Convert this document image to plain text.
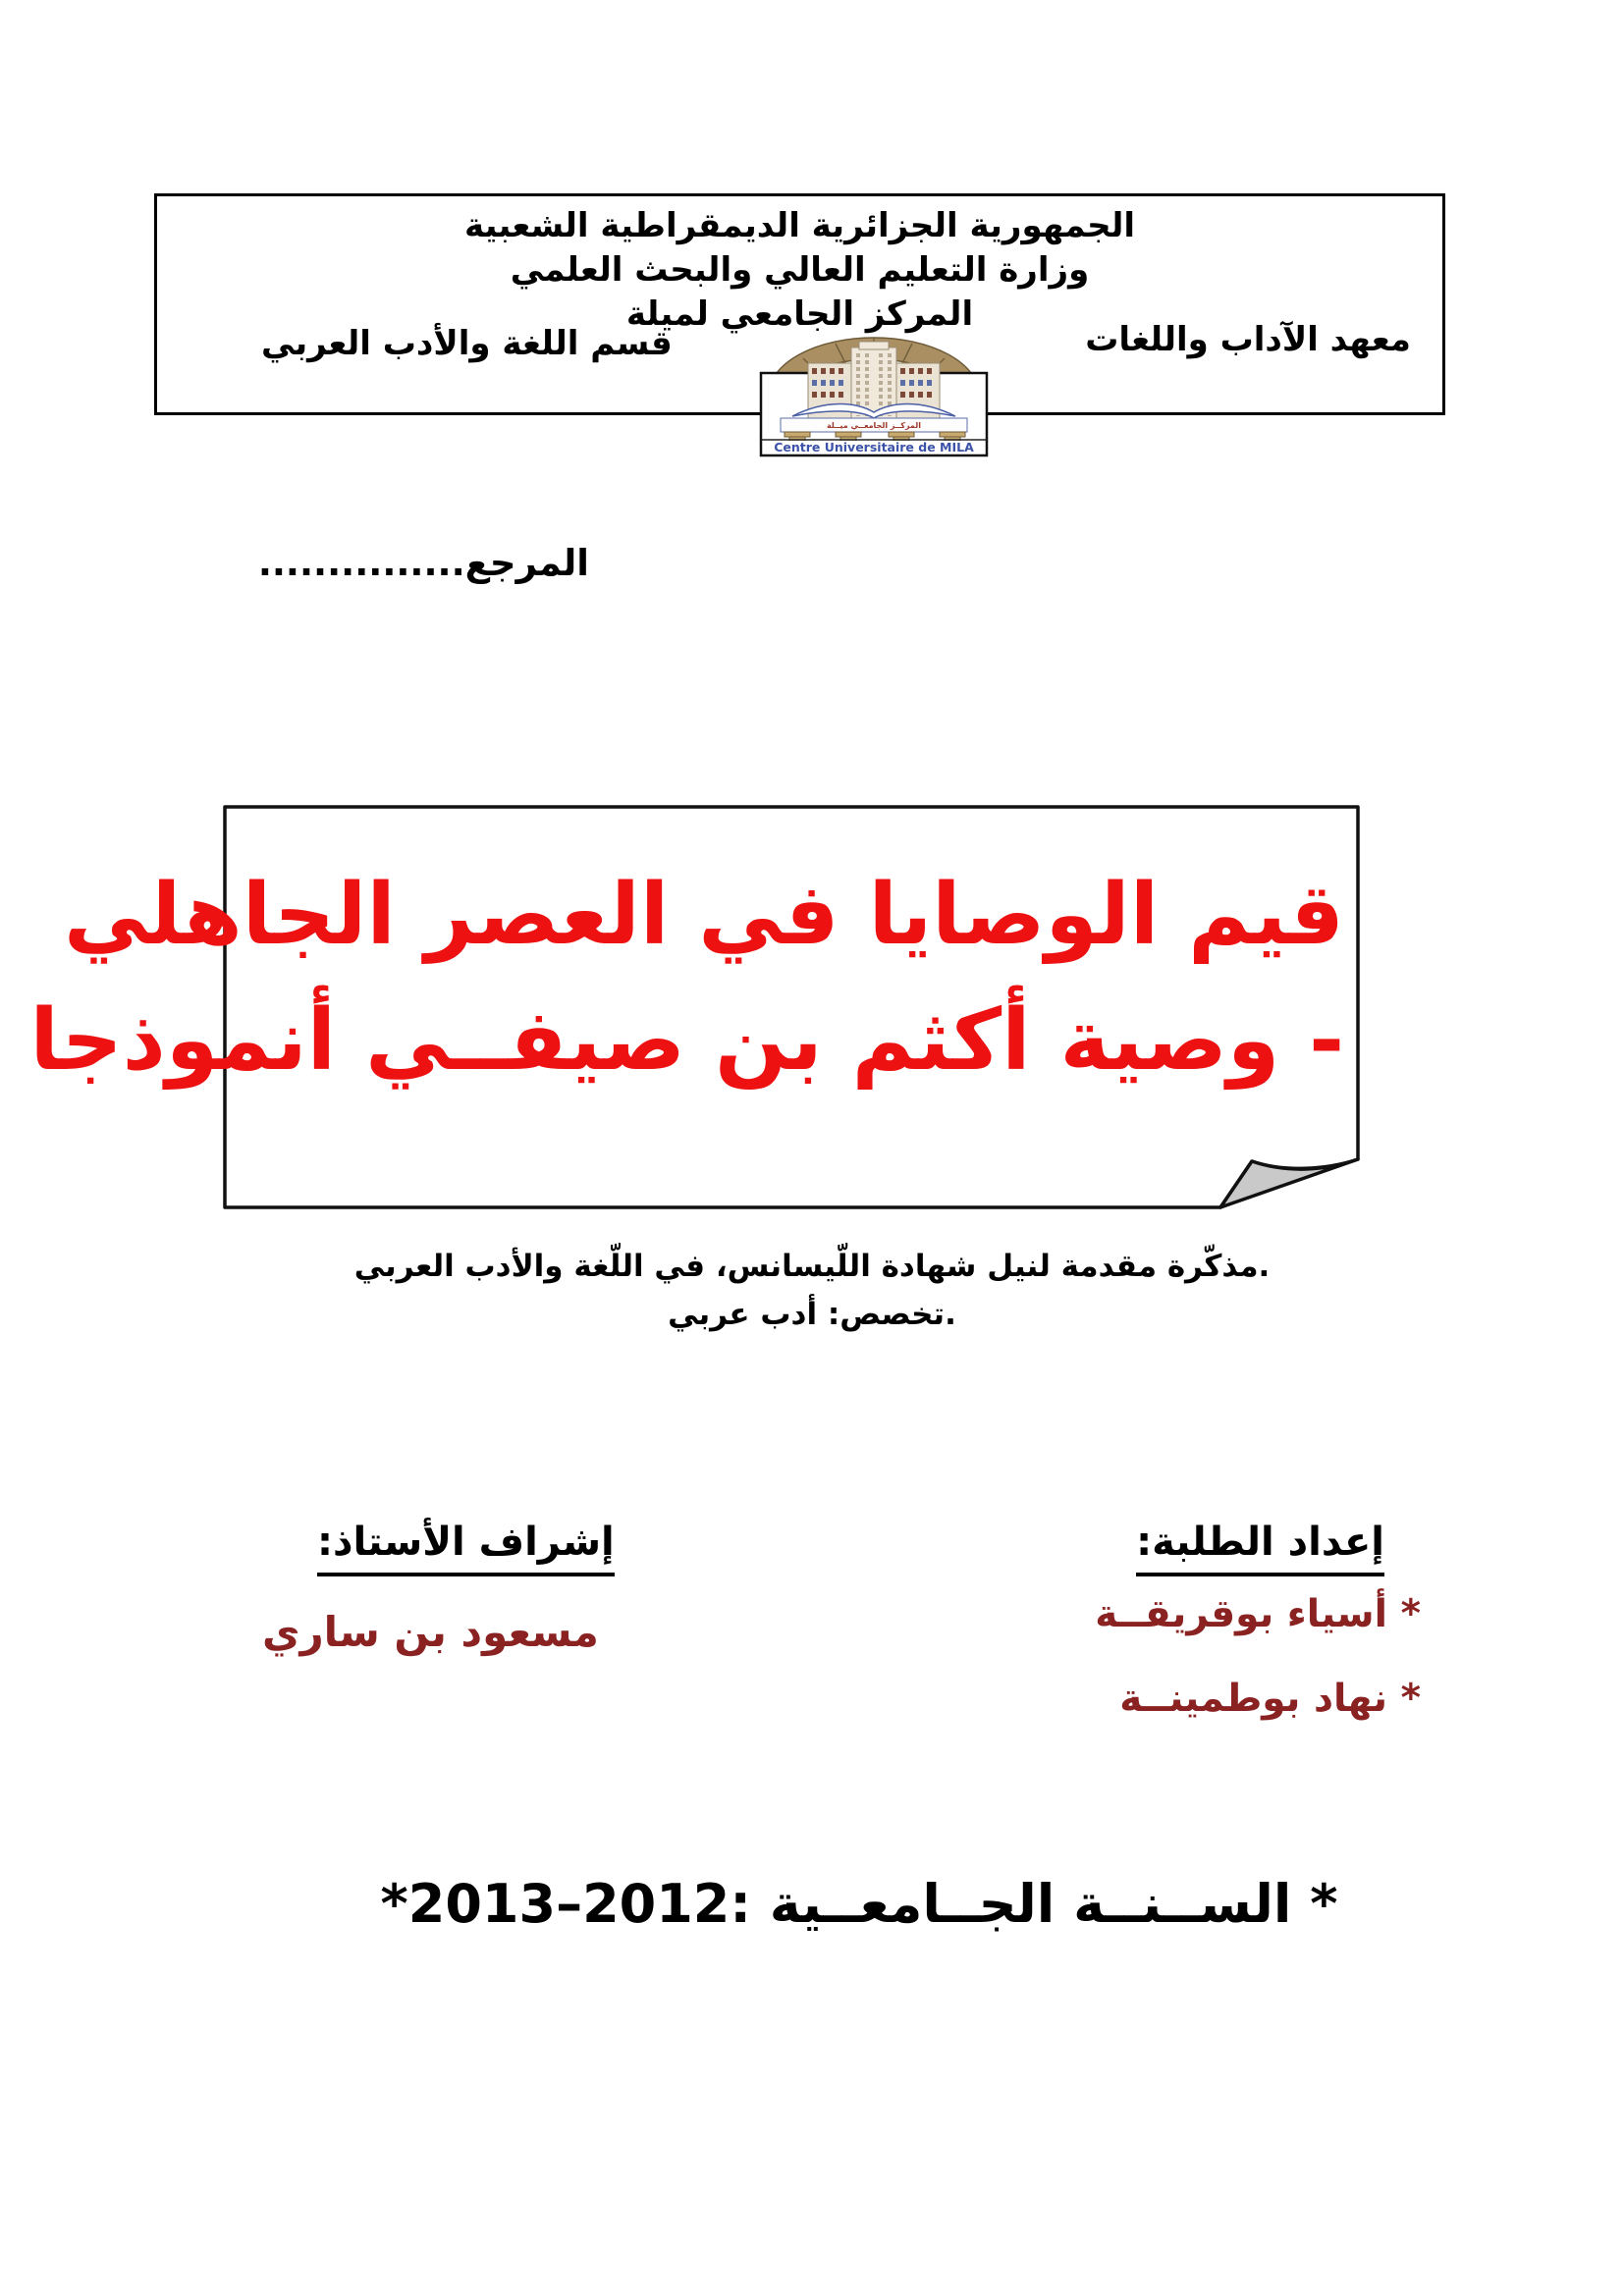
الجمهورية الجزائرية الديمقراطية الشعبية
وزارة التعليم العالي والبحث العلمي
المركز الجامعي لميلة
معهد الآداب واللغات
قسم اللغة والأدب العربي
المركــز الجامعــي ميــلة
Centre Universitaire de MILA
المرجع...............
قيم الوصايا في العصر الجاهلي
- وصية أكثم بن صيفــي أنموذجا
.مذكّرة مقدمة لنيل شهادة اللّيسانس، في اللّغة والأدب العربي
.تخصص: أدب عربي
إعداد الطلبة:
* أسياء بوقريقــة
* نهاد بوطمينــة
إشراف الأستاذ:
مسعود بن ساري
* الســنــة الجــامعــية :2012–2013*
